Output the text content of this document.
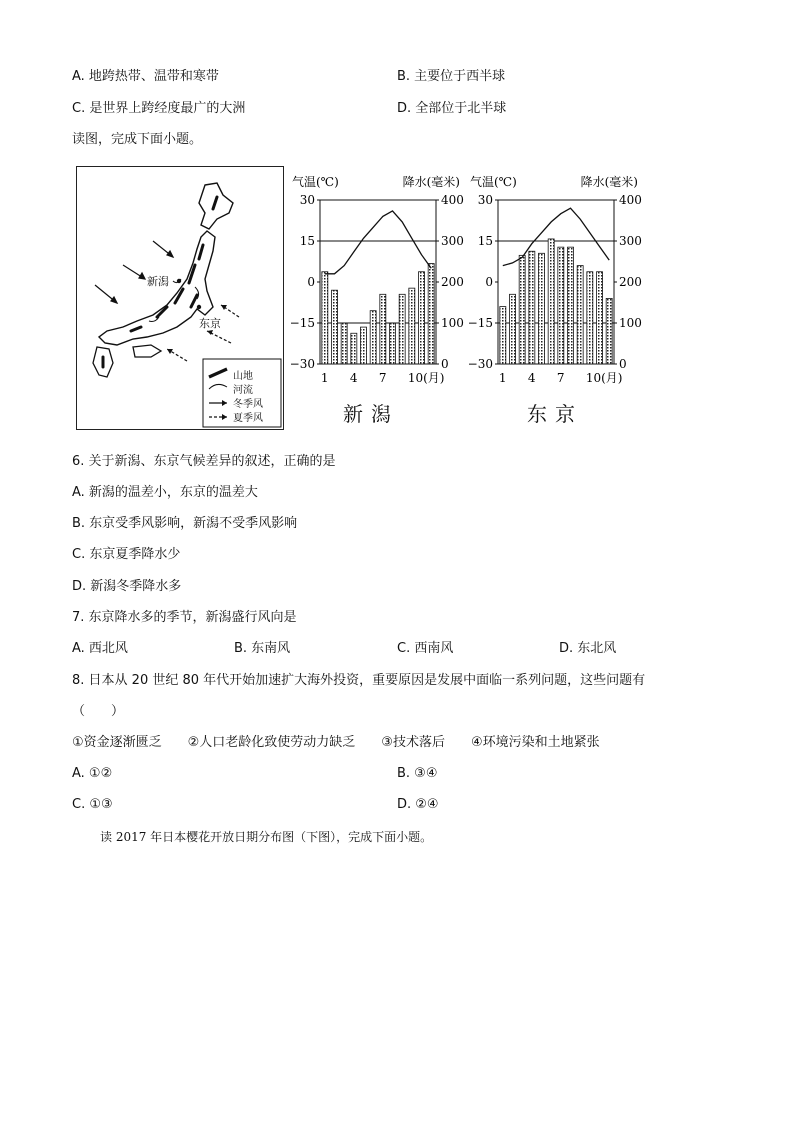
A. 地跨热带、温带和寒带	B. 主要位于西半球
C. 是世界上跨经度最广的大洲	D. 全部位于北半球
读图，完成下面小题。
新潟
东京
山地
河流
冬季风
夏季风
气温(℃)	降水(毫米)
30	400
15	300
0	200
−15	100
−30	0
1 4 7 10(月)
新潟
气温(℃)	降水(毫米)
30	400
15	300
0	200
−15	100
−30	0
1 4 7 10(月)
东京
6. 关于新潟、东京气候差异的叙述，正确的是
A. 新潟的温差小，东京的温差大
B. 东京受季风影响，新潟不受季风影响
C. 东京夏季降水少
D. 新潟冬季降水多
7. 东京降水多的季节，新潟盛行风向是
A. 西北风	B. 东南风	C. 西南风	D. 东北风
8. 日本从 20 世纪 80 年代开始加速扩大海外投资，重要原因是发展中面临一系列问题，这些问题有
（　　）
①资金逐渐匮乏　　②人口老龄化致使劳动力缺乏　　③技术落后　　④环境污染和土地紧张
A. ①②	B. ③④
C. ①③	D. ②④
读 2017 年日本樱花开放日期分布图（下图），完成下面小题。
